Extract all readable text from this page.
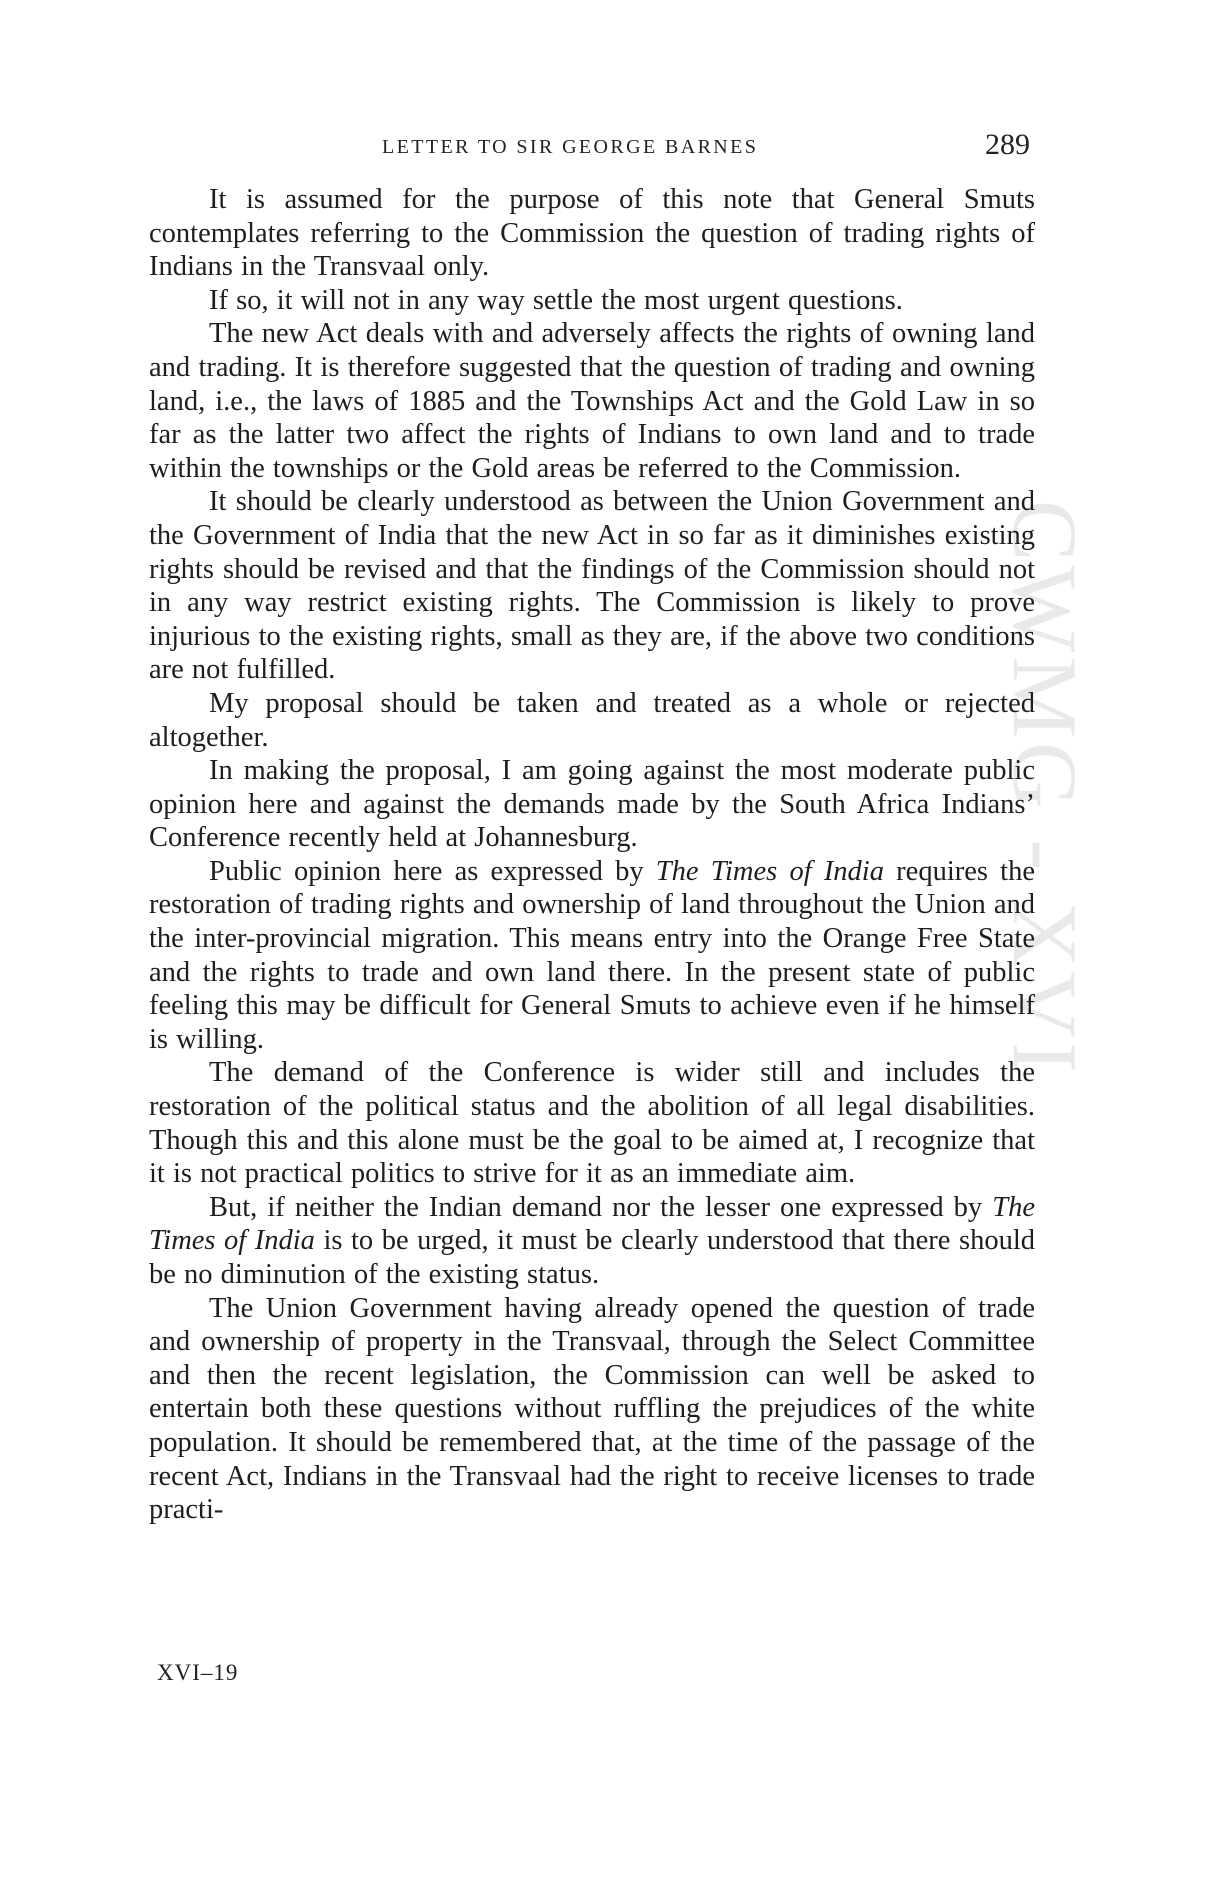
CWMG - XVI
LETTER TO SIR GEORGE BARNES	289

It is assumed for the purpose of this note that General Smuts contemplates referring to the Commission the question of trading rights of Indians in the Transvaal only.

If so, it will not in any way settle the most urgent questions.

The new Act deals with and adversely affects the rights of owning land and trading. It is therefore suggested that the question of trading and owning land, i.e., the laws of 1885 and the Townships Act and the Gold Law in so far as the latter two affect the rights of Indians to own land and to trade within the townships or the Gold areas be referred to the Commission.

It should be clearly understood as between the Union Government and the Government of India that the new Act in so far as it diminishes existing rights should be revised and that the findings of the Commission should not in any way restrict existing rights. The Commission is likely to prove injurious to the existing rights, small as they are, if the above two conditions are not fulfilled.

My proposal should be taken and treated as a whole or rejected altogether.

In making the proposal, I am going against the most moderate public opinion here and against the demands made by the South Africa Indians’ Conference recently held at Johannesburg.

Public opinion here as expressed by The Times of India requires the restoration of trading rights and ownership of land throughout the Union and the inter-provincial migration. This means entry into the Orange Free State and the rights to trade and own land there. In the present state of public feeling this may be difficult for General Smuts to achieve even if he himself is willing.

The demand of the Conference is wider still and includes the restoration of the political status and the abolition of all legal disabilities. Though this and this alone must be the goal to be aimed at, I recognize that it is not practical politics to strive for it as an immediate aim.

But, if neither the Indian demand nor the lesser one expressed by The Times of India is to be urged, it must be clearly understood that there should be no diminution of the existing status.

The Union Government having already opened the question of trade and ownership of property in the Transvaal, through the Select Committee and then the recent legislation, the Commission can well be asked to entertain both these questions without ruffling the prejudices of the white population. It should be remembered that, at the time of the passage of the recent Act, Indians in the Transvaal had the right to receive licenses to trade practi-

XVI–19
